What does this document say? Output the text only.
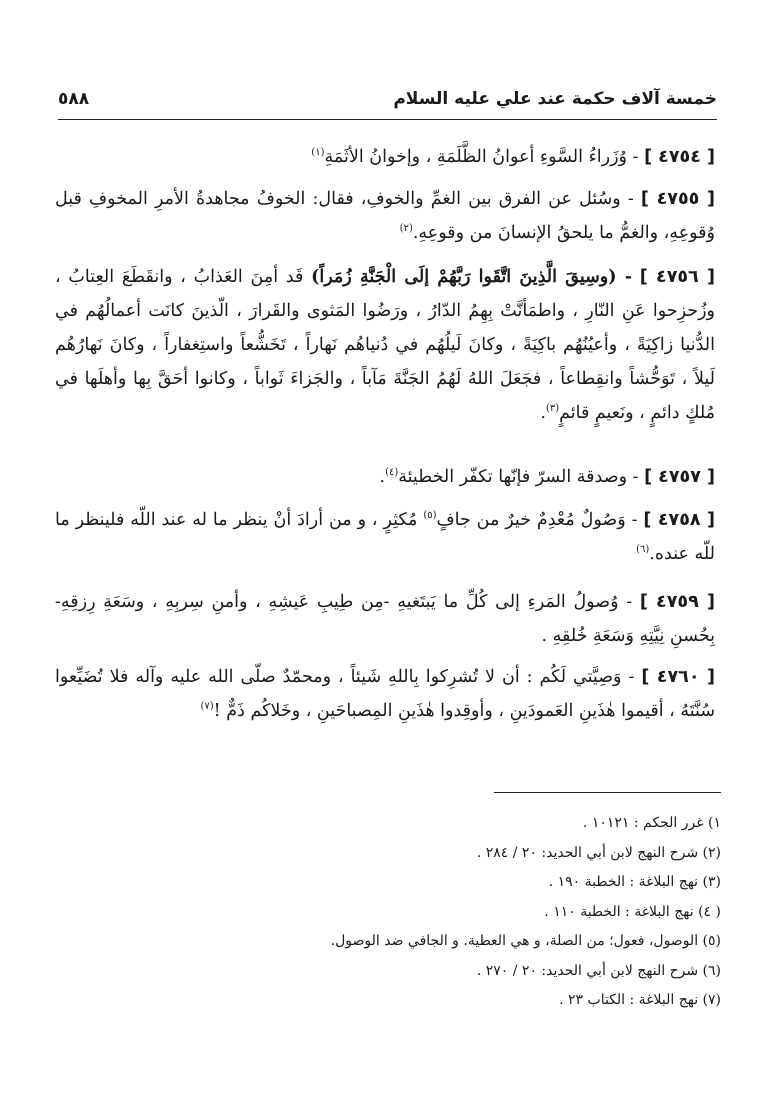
خمسة آلاف حكمة عند علي عليه السلام
٥٨٨

[ ٤٧٥٤ ] - وُزَراءُ السَّوءِ أعوانُ الظَّلَمَةِ ، وإخوانُ الأثَمَةِ$^{(١)}$

[ ٤٧٥٥ ] - وسُئل عن الفرق بين الغمِّ والخوفِ، فقال: الخوفُ مجاهدةُ الأمرِ المخوفِ قبل وُقوعِهِ، والغمُّ ما يلحقُ الإنسانَ من وقوعِهِ.$^{(٢)}$

[ ٤٧٥٦ ] - (وسِيقَ الَّذِينَ اتَّقَوا رَبَّهُمْ إلَى الْجَنَّةِ زُمَراً) قَد أمِنَ العَذابُ ، وانقَطَعَ العِتابُ ، وزُحزِحوا عَنِ النّارِ ، واطمَأنَّتْ بِهِمُ الدّارُ ، ورَضُوا المَثوى والقَرارَ ، الّذينَ كانَت أعمالُهُم في الدُّنيا زاكِيَةً ، وأعيُنُهُم باكِيَةً ، وكانَ لَيلُهُم في دُنياهُم نَهاراً ، تَخَشُّعاً واستِغفاراً ، وكانَ نَهارُهُم لَيلاً ، تَوَحُّشاً وانقِطاعاً ، فجَعَلَ اللهُ لَهُمُ الجَنَّةَ مَآباً ، والجَزاءَ ثَواباً ، وكانوا أحَقَّ بِها وأهلَها في مُلكٍ دائمٍ ، ونَعيمٍ قائمٍ$^{(٣)}$.

[ ٤٧٥٧ ] - وصدقة السرّ فإنّها تكفّر الخطيئة$^{(٤)}$.

[ ٤٧٥٨ ] - وَصُولٌ مُعْدِمٌ خيرٌ من جافٍ$^{(٥)}$ مُكثِرٍ ، و من أرادَ أنْ ينظر ما له عند اللّه فلينظر ما للّه عنده.$^{(٦)}$

[ ٤٧٥٩ ] - وُصولُ المَرءِ إلى كُلِّ ما يَبتَغيهِ -مِن طِيبِ عَيشِهِ ، وأمنِ سِربِهِ ، وسَعَةِ رِزقِهِ- بِحُسنِ نِيَّتِهِ وَسَعَةِ خُلقِهِ .

[ ٤٧٦٠ ] - وَصِيَّتي لَكُم : أن لا تُشرِكوا بِاللهِ شَيئاً ، ومحمّدٌ صلّى الله عليه وآله فلا تُضَيِّعوا سُنَّتَهُ ، أقيموا هٰذَينِ العَمودَينِ ، وأوقِدوا هٰذَينِ المِصباحَينِ ، وخَلاكُم ذَمٌّ !$^{(٧)}$

١) غرر الحكم : ١٠١٢١ .
(٢) شرح النهج لابن أبي الحديد: ٢٠ / ٢٨٤ .
(٣) نهج البلاغة : الخطبة ١٩٠ .
( ٤) نهج البلاغة : الخطبة ١١٠ .
(٥) الوصول، فعول؛ من الصلة، و هي العطية. و الجافي ضد الوصول.
(٦) شرح النهج لابن أبي الحديد: ٢٠ / ٢٧٠ .
(٧) نهج البلاغة : الكتاب ٢٣ .
